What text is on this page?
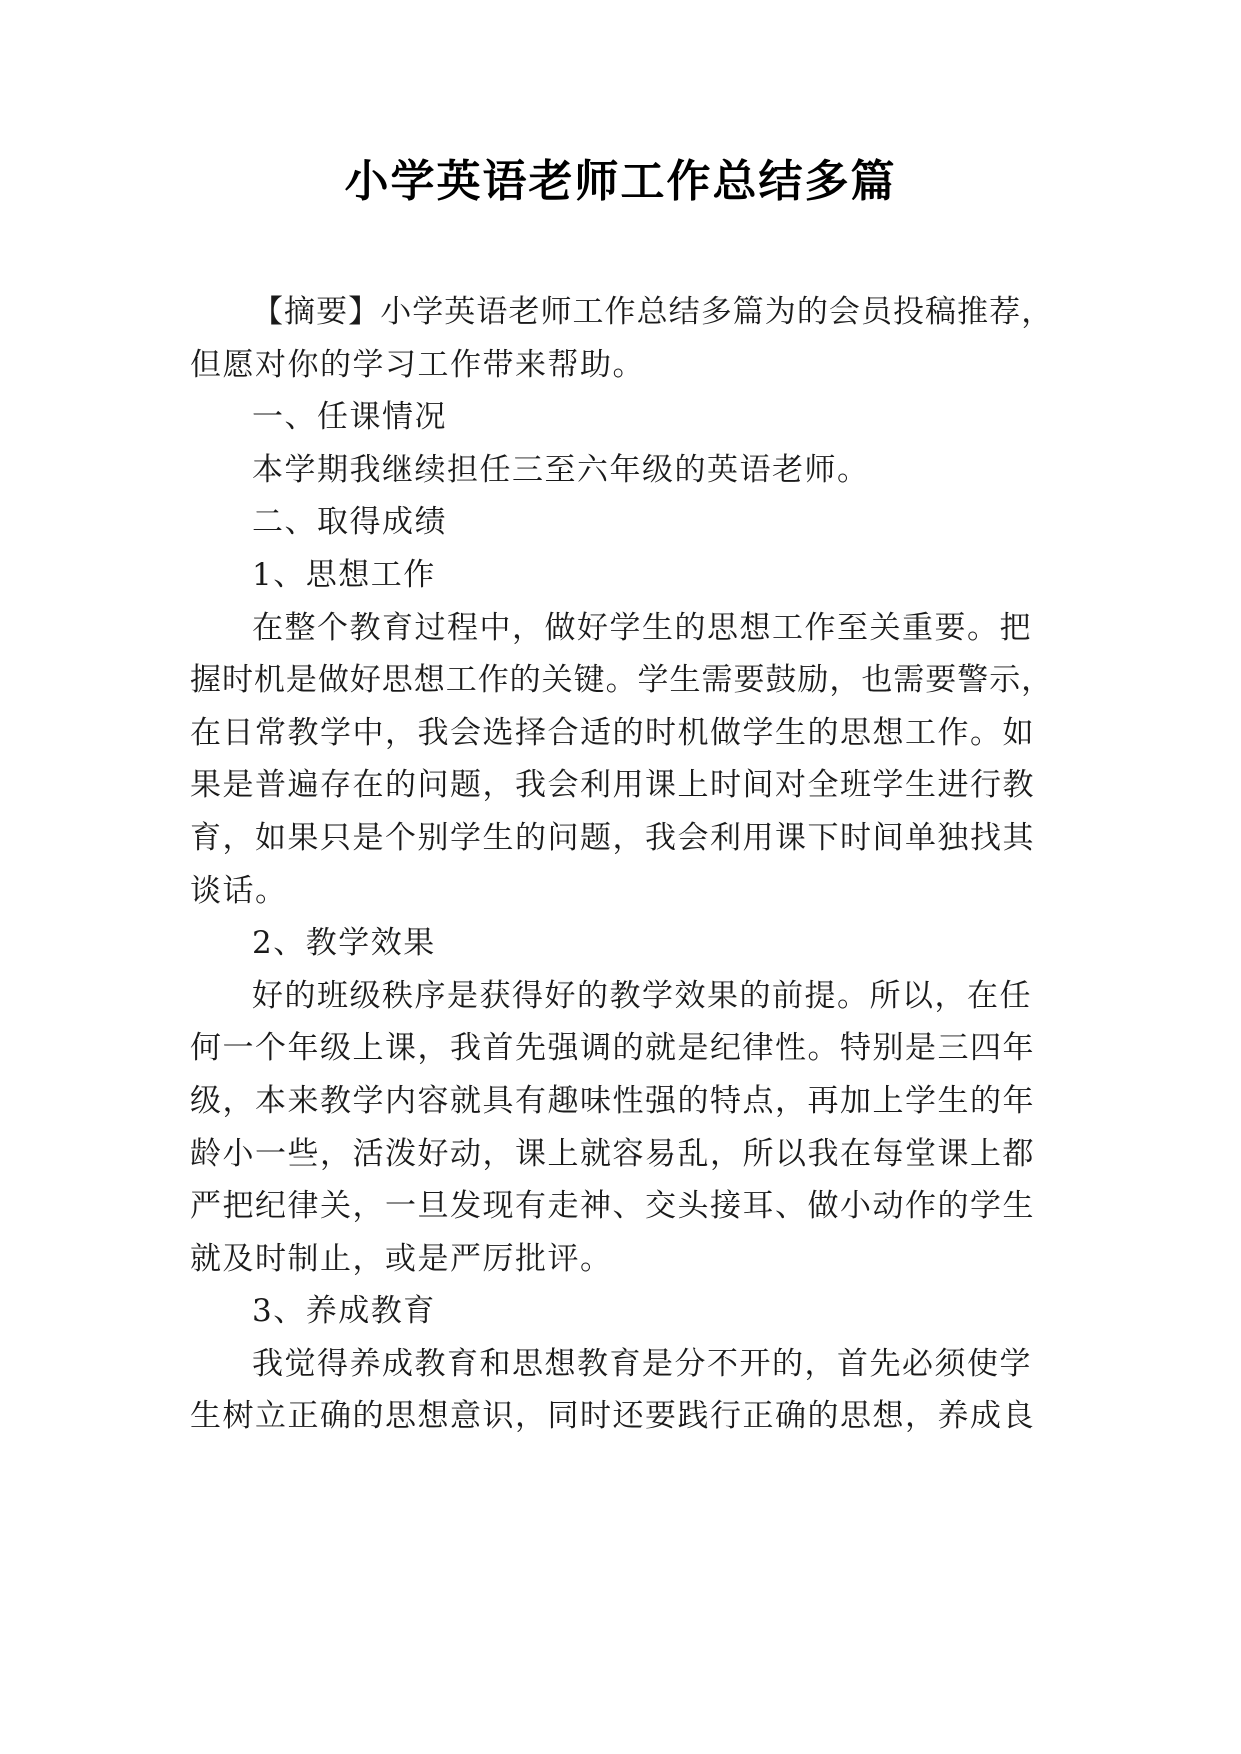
小学英语老师工作总结多篇
【摘要】小学英语老师工作总结多篇为的会员投稿推荐，
但愿对你的学习工作带来帮助。
一、任课情况
本学期我继续担任三至六年级的英语老师。
二、取得成绩
1、思想工作
在整个教育过程中，做好学生的思想工作至关重要。把
握时机是做好思想工作的关键。学生需要鼓励，也需要警示，
在日常教学中，我会选择合适的时机做学生的思想工作。如
果是普遍存在的问题，我会利用课上时间对全班学生进行教
育，如果只是个别学生的问题，我会利用课下时间单独找其
谈话。
2、教学效果
好的班级秩序是获得好的教学效果的前提。所以，在任
何一个年级上课，我首先强调的就是纪律性。特别是三四年
级，本来教学内容就具有趣味性强的特点，再加上学生的年
龄小一些，活泼好动，课上就容易乱，所以我在每堂课上都
严把纪律关，一旦发现有走神、交头接耳、做小动作的学生
就及时制止，或是严厉批评。
3、养成教育
我觉得养成教育和思想教育是分不开的，首先必须使学
生树立正确的思想意识，同时还要践行正确的思想，养成良
